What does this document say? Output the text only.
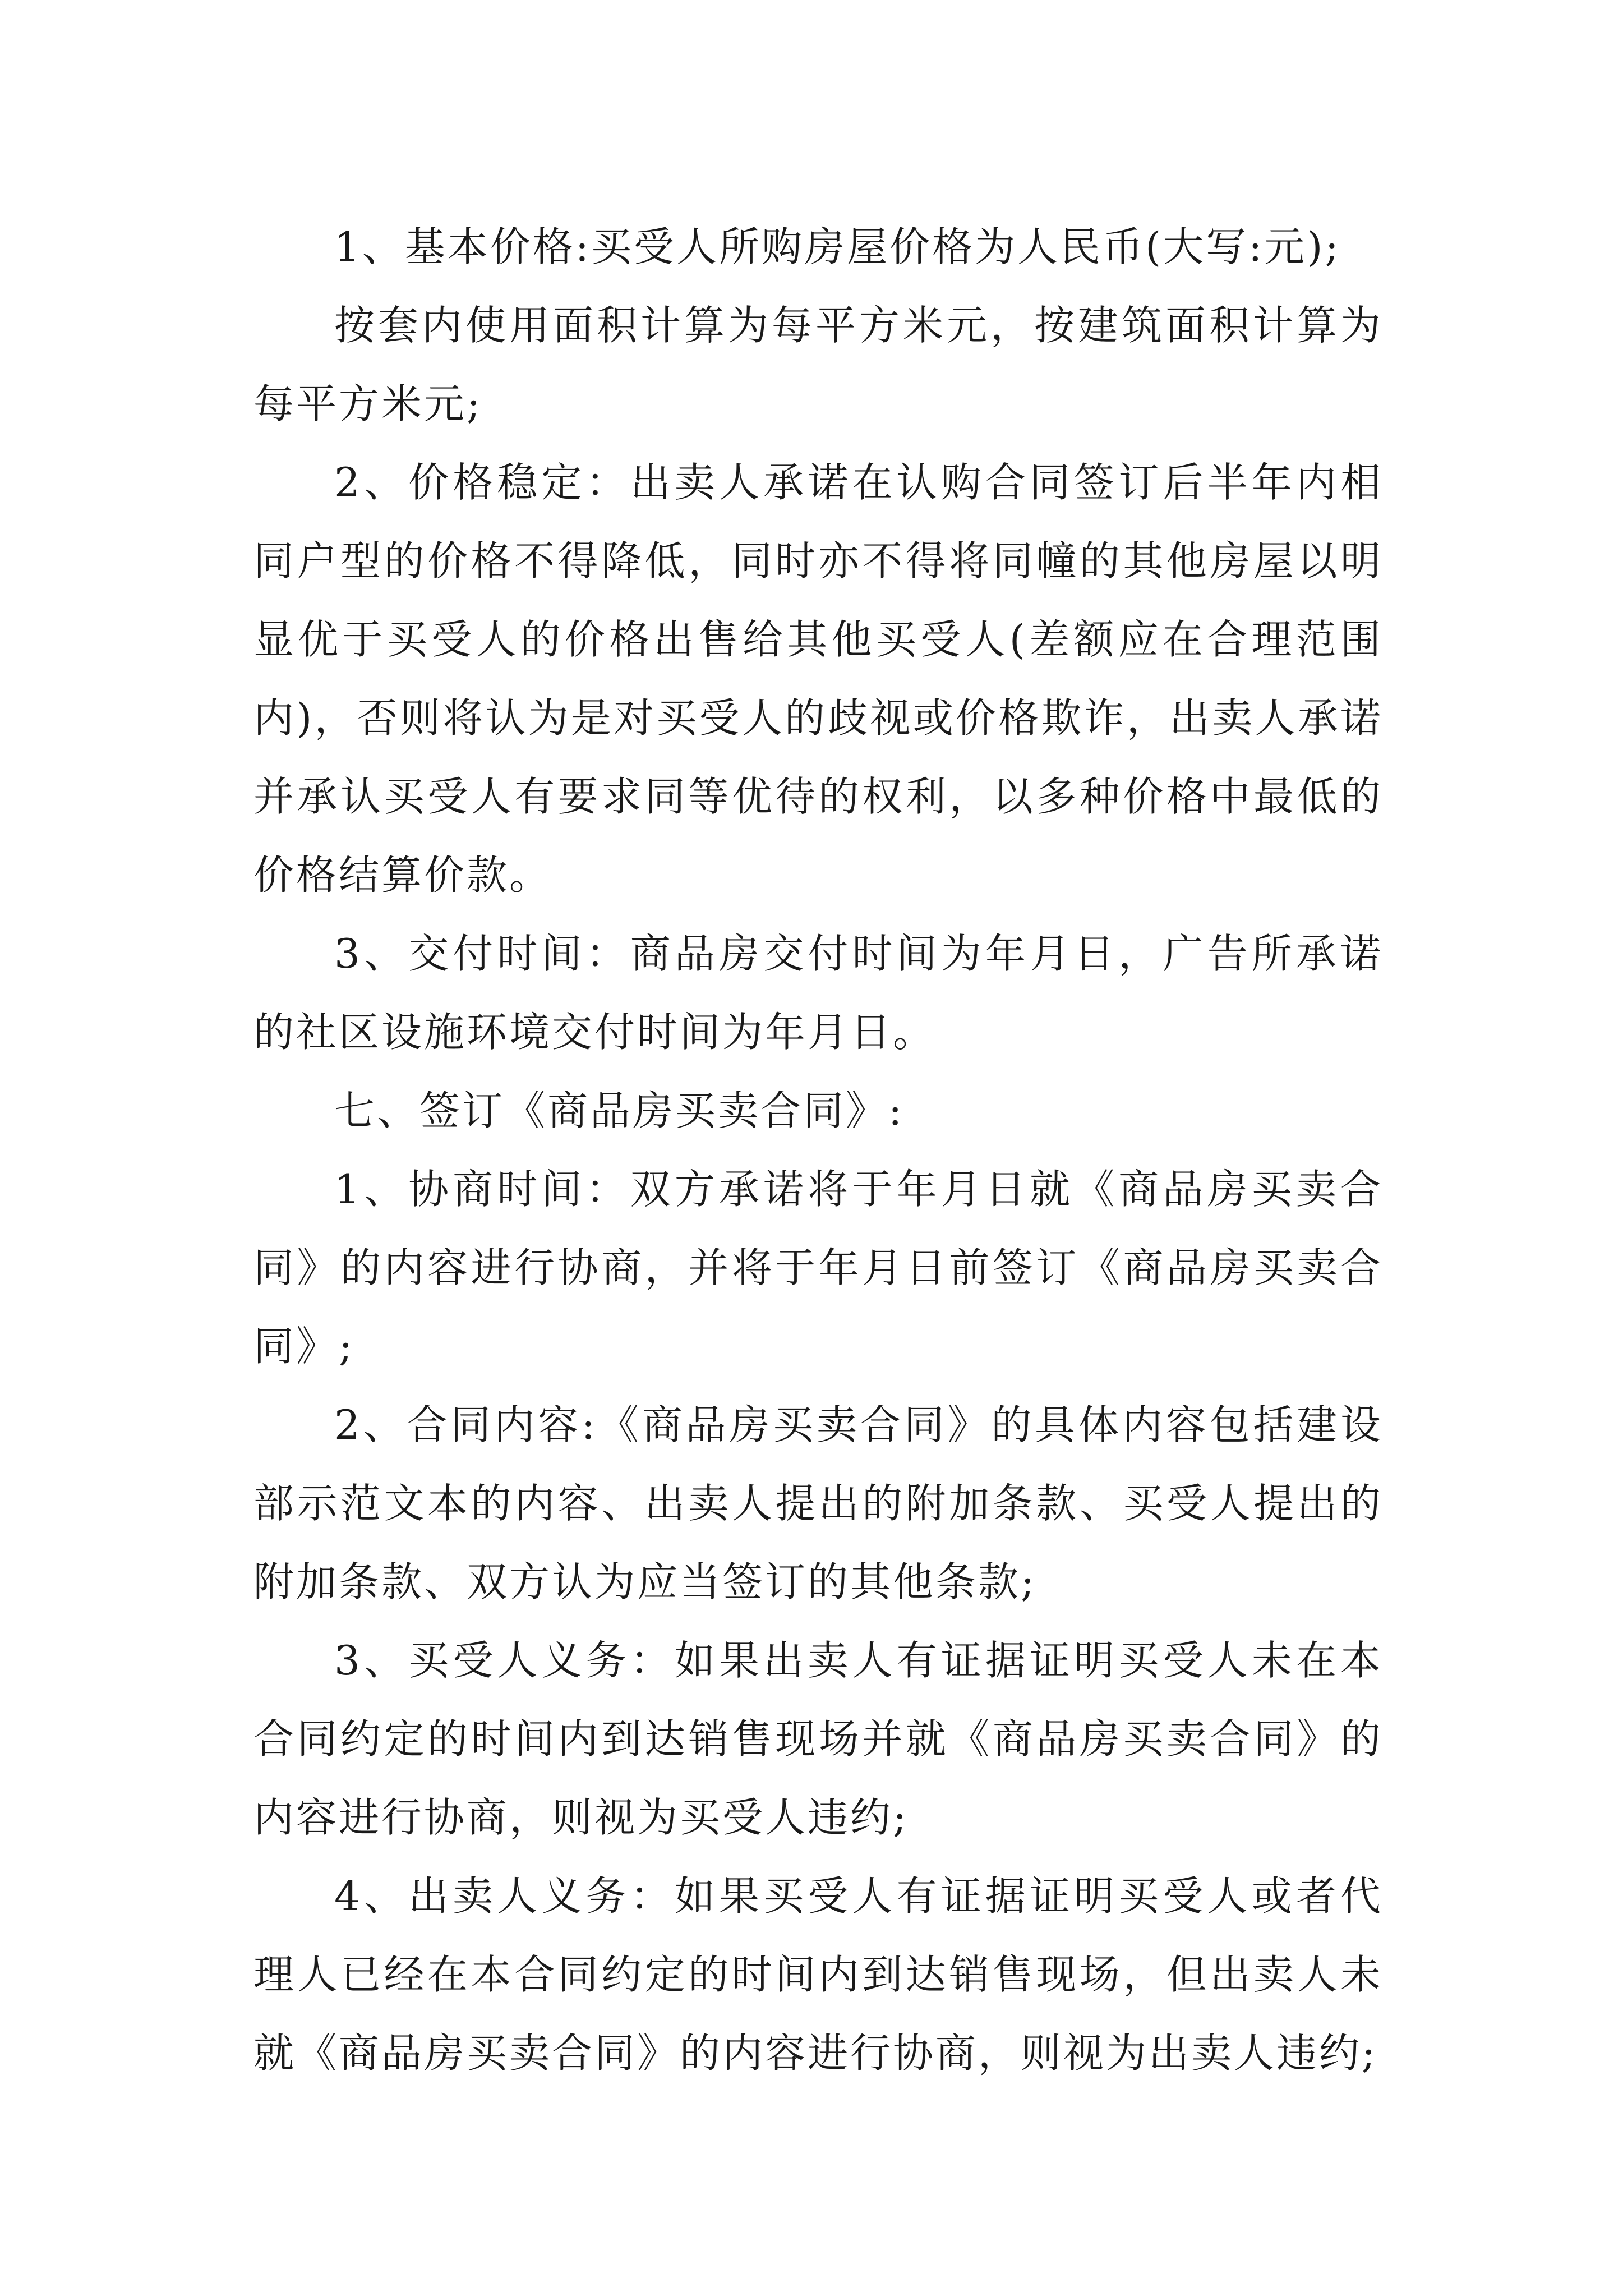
1、基本价格:买受人所购房屋价格为人民币(大写:元);

按套内使用面积计算为每平方米元，按建筑面积计算为每平方米元;

2、价格稳定：出卖人承诺在认购合同签订后半年内相同户型的价格不得降低，同时亦不得将同幢的其他房屋以明显优于买受人的价格出售给其他买受人(差额应在合理范围内)，否则将认为是对买受人的歧视或价格欺诈，出卖人承诺并承认买受人有要求同等优待的权利，以多种价格中最低的价格结算价款。

3、交付时间：商品房交付时间为年月日，广告所承诺的社区设施环境交付时间为年月日。

七、签订《商品房买卖合同》:

1、协商时间：双方承诺将于年月日就《商品房买卖合同》的内容进行协商，并将于年月日前签订《商品房买卖合同》;

2、合同内容:《商品房买卖合同》的具体内容包括建设部示范文本的内容、出卖人提出的附加条款、买受人提出的附加条款、双方认为应当签订的其他条款;

3、买受人义务：如果出卖人有证据证明买受人未在本合同约定的时间内到达销售现场并就《商品房买卖合同》的内容进行协商，则视为买受人违约;

4、出卖人义务：如果买受人有证据证明买受人或者代理人已经在本合同约定的时间内到达销售现场，但出卖人未就《商品房买卖合同》的内容进行协商，则视为出卖人违约;
